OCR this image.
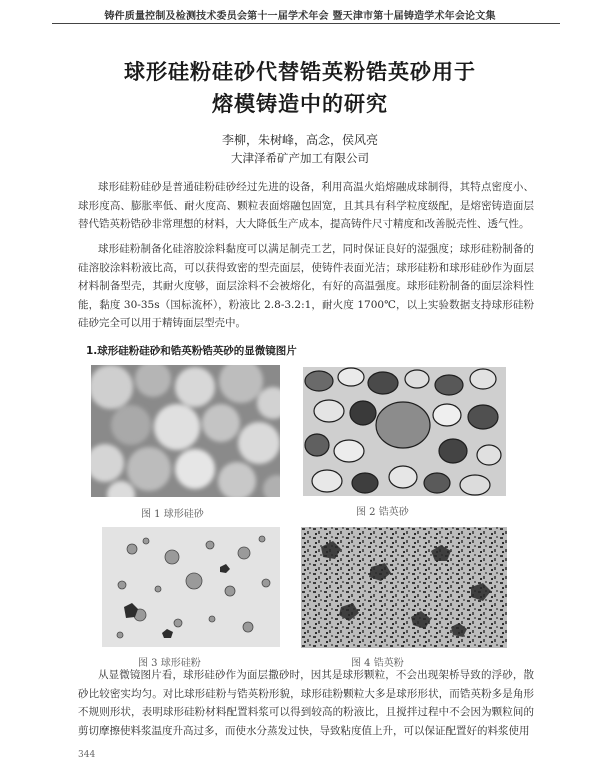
铸件质量控制及检测技术委员会第十一届学术年会 暨天津市第十届铸造学术年会论文集
球形硅粉硅砂代替锆英粉锆英砂用于
熔模铸造中的研究
李柳，朱树峰，高念，侯风亮
大津泽希矿产加工有限公司

球形硅粉硅砂是普通硅粉硅砂经过先进的设备，利用高温火焰熔融成球制得，其特点密度小、球形度高、膨胀率低、耐火度高、颗粒表面熔融包固宽，且其具有科学粒度级配，是熔密铸造面层替代锆英粉锆砂非常理想的材料，大大降低生产成本，提高铸件尺寸精度和改善脱壳性、透气性。

球形硅粉制备化硅溶胶涂料黏度可以满足制壳工艺，同时保证良好的湿强度；球形硅粉制备的硅溶胶涂料粉液比高，可以获得致密的型壳面层，使铸件表面光洁；球形硅粉和球形硅砂作为面层材料制备型壳，其耐火度够，面层涂料不会被熔化，有好的高温强度。球形硅粉制备的面层涂料性能，黏度 30-35s（国标流杯），粉液比 2.8-3.2:1，耐火度 1700℃，以上实验数据支持球形硅粉硅砂完全可以用于精铸面层型壳中。

1.球形硅粉硅砂和锆英粉锆英砂的显微镜图片

图 1 球形硅砂	图 2 锆英砂
图 3 球形硅粉	图 4 锆英粉

从显微镜图片看，球形硅砂作为面层撒砂时，因其是球形颗粒，不会出现架桥导致的浮砂，散砂比较密实均匀。对比球形硅粉与锆英粉形貌，球形硅粉颗粒大多是球形形状，而锆英粉多是角形不规则形状，表明球形硅粉材料配置料浆可以得到较高的粉液比，且搅拌过程中不会因为颗粒间的剪切摩擦使料浆温度升高过多，而使水分蒸发过快，导致粘度值上升，可以保证配置好的料浆使用

344
